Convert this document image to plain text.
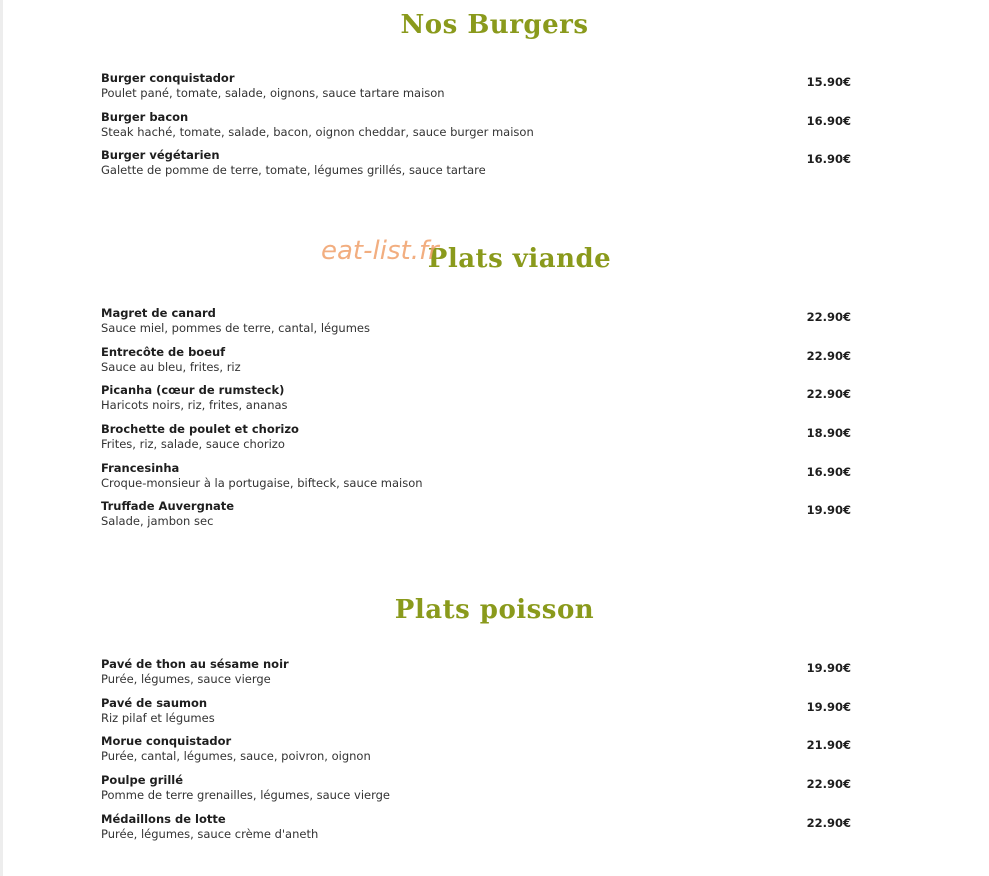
Nos Burgers
Burger conquistador
Poulet pané, tomate, salade, oignons, sauce tartare maison
15.90€
Burger bacon
Steak haché, tomate, salade, bacon, oignon cheddar, sauce burger maison
16.90€
Burger végétarien
Galette de pomme de terre, tomate, légumes grillés, sauce tartare
16.90€
Plats viande
Magret de canard
Sauce miel, pommes de terre, cantal, légumes
22.90€
Entrecôte de boeuf
Sauce au bleu, frites, riz
22.90€
Picanha (cœur de rumsteck)
Haricots noirs, riz, frites, ananas
22.90€
Brochette de poulet et chorizo
Frites, riz, salade, sauce chorizo
18.90€
Francesinha
Croque-monsieur à la portugaise, bifteck, sauce maison
16.90€
Truffade Auvergnate
Salade, jambon sec
19.90€
Plats poisson
Pavé de thon au sésame noir
Purée, légumes, sauce vierge
19.90€
Pavé de saumon
Riz pilaf et légumes
19.90€
Morue conquistador
Purée, cantal, légumes, sauce, poivron, oignon
21.90€
Poulpe grillé
Pomme de terre grenailles, légumes, sauce vierge
22.90€
Médaillons de lotte
Purée, légumes, sauce crème d'aneth
22.90€
eat-list.fr
